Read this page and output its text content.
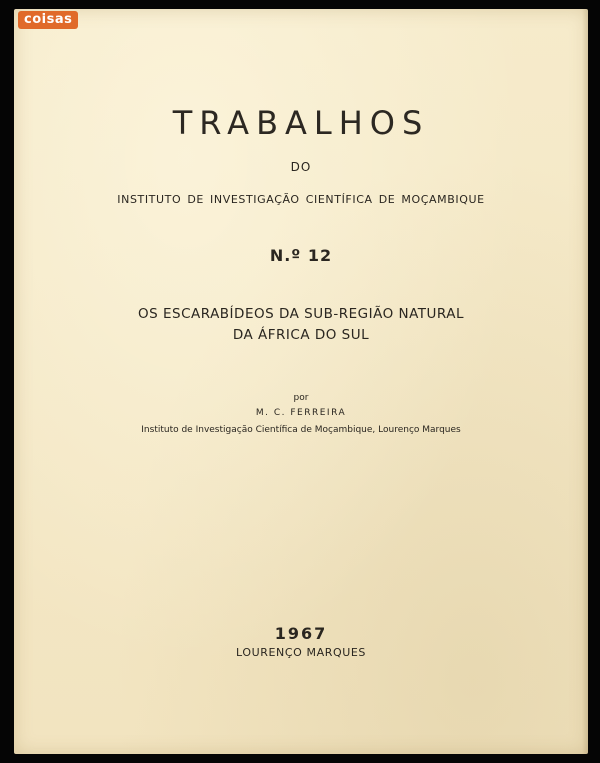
coisas
TRABALHOS
DO
INSTITUTO DE INVESTIGAÇÃO CIENTÍFICA DE MOÇAMBIQUE
N.º 12
OS ESCARABÍDEOS DA SUB-REGIÃO NATURAL
DA ÁFRICA DO SUL
por
M. C. FERREIRA
Instituto de Investigação Científica de Moçambique, Lourenço Marques
1967
LOURENÇO MARQUES
